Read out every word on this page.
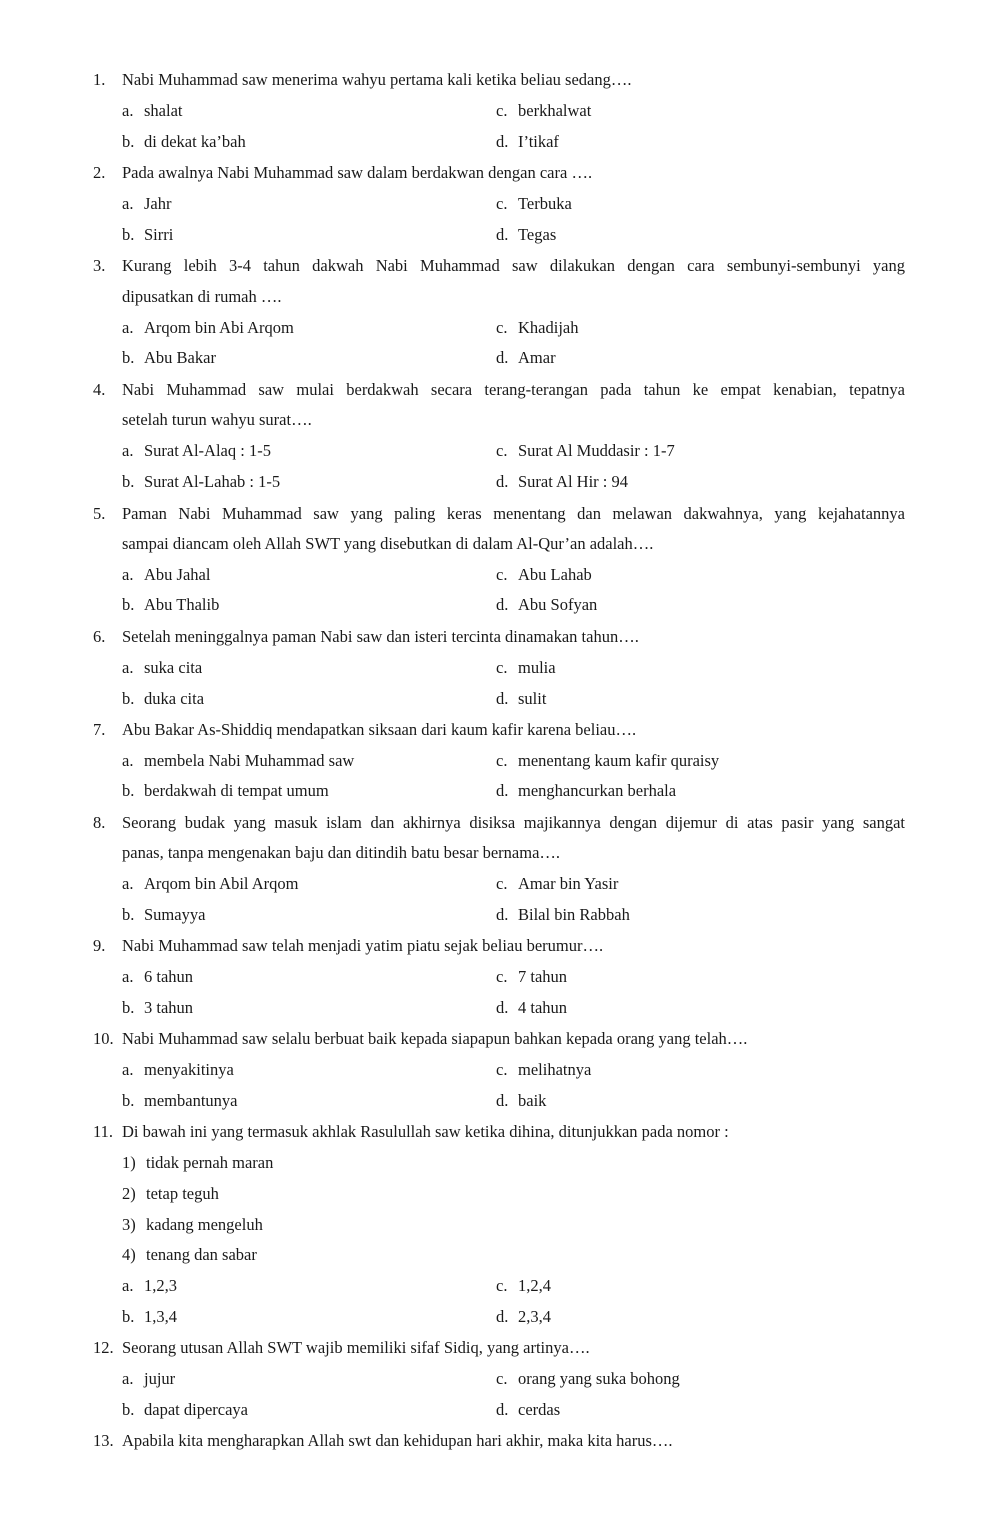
1. Nabi Muhammad saw menerima wahyu pertama kali ketika beliau sedang….
a. shalat	c. berkhalwat
b. di dekat ka’bah	d. I’tikaf
2. Pada awalnya Nabi Muhammad saw dalam berdakwan dengan cara ….
a. Jahr	c. Terbuka
b. Sirri	d. Tegas
3. Kurang lebih 3-4 tahun dakwah Nabi Muhammad saw dilakukan dengan cara sembunyi-sembunyi yang
dipusatkan di rumah ….
a. Arqom bin Abi Arqom	c. Khadijah
b. Abu Bakar	d. Amar
4. Nabi Muhammad saw mulai berdakwah secara terang-terangan pada tahun ke empat kenabian, tepatnya
setelah turun wahyu surat….
a. Surat Al-Alaq : 1-5	c. Surat Al Muddasir : 1-7
b. Surat Al-Lahab : 1-5	d. Surat Al Hir : 94
5. Paman Nabi Muhammad saw yang paling keras menentang dan melawan dakwahnya, yang kejahatannya
sampai diancam oleh Allah SWT yang disebutkan di dalam Al-Qur’an adalah….
a. Abu Jahal	c. Abu Lahab
b. Abu Thalib	d. Abu Sofyan
6. Setelah meninggalnya paman Nabi saw dan isteri tercinta dinamakan tahun….
a. suka cita	c. mulia
b. duka cita	d. sulit
7. Abu Bakar As-Shiddiq mendapatkan siksaan dari kaum kafir karena beliau….
a. membela Nabi Muhammad saw	c. menentang kaum kafir quraisy
b. berdakwah di tempat umum	d. menghancurkan berhala
8. Seorang budak yang masuk islam dan akhirnya disiksa majikannya dengan dijemur di atas pasir yang sangat
panas, tanpa mengenakan baju dan ditindih batu besar bernama….
a. Arqom bin Abil Arqom	c. Amar bin Yasir
b. Sumayya	d. Bilal bin Rabbah
9. Nabi Muhammad saw telah menjadi yatim piatu sejak beliau berumur….
a. 6 tahun	c. 7 tahun
b. 3 tahun	d. 4 tahun
10. Nabi Muhammad saw selalu berbuat baik kepada siapapun bahkan kepada orang yang telah….
a. menyakitinya	c. melihatnya
b. membantunya	d. baik
11. Di bawah ini yang termasuk akhlak Rasulullah saw ketika dihina, ditunjukkan pada nomor :
1) tidak pernah maran
2) tetap teguh
3) kadang mengeluh
4) tenang dan sabar
a. 1,2,3	c. 1,2,4
b. 1,3,4	d. 2,3,4
12. Seorang utusan Allah SWT wajib memiliki sifaf Sidiq, yang artinya….
a. jujur	c. orang yang suka bohong
b. dapat dipercaya	d. cerdas
13. Apabila kita mengharapkan Allah swt dan kehidupan hari akhir, maka kita harus….
